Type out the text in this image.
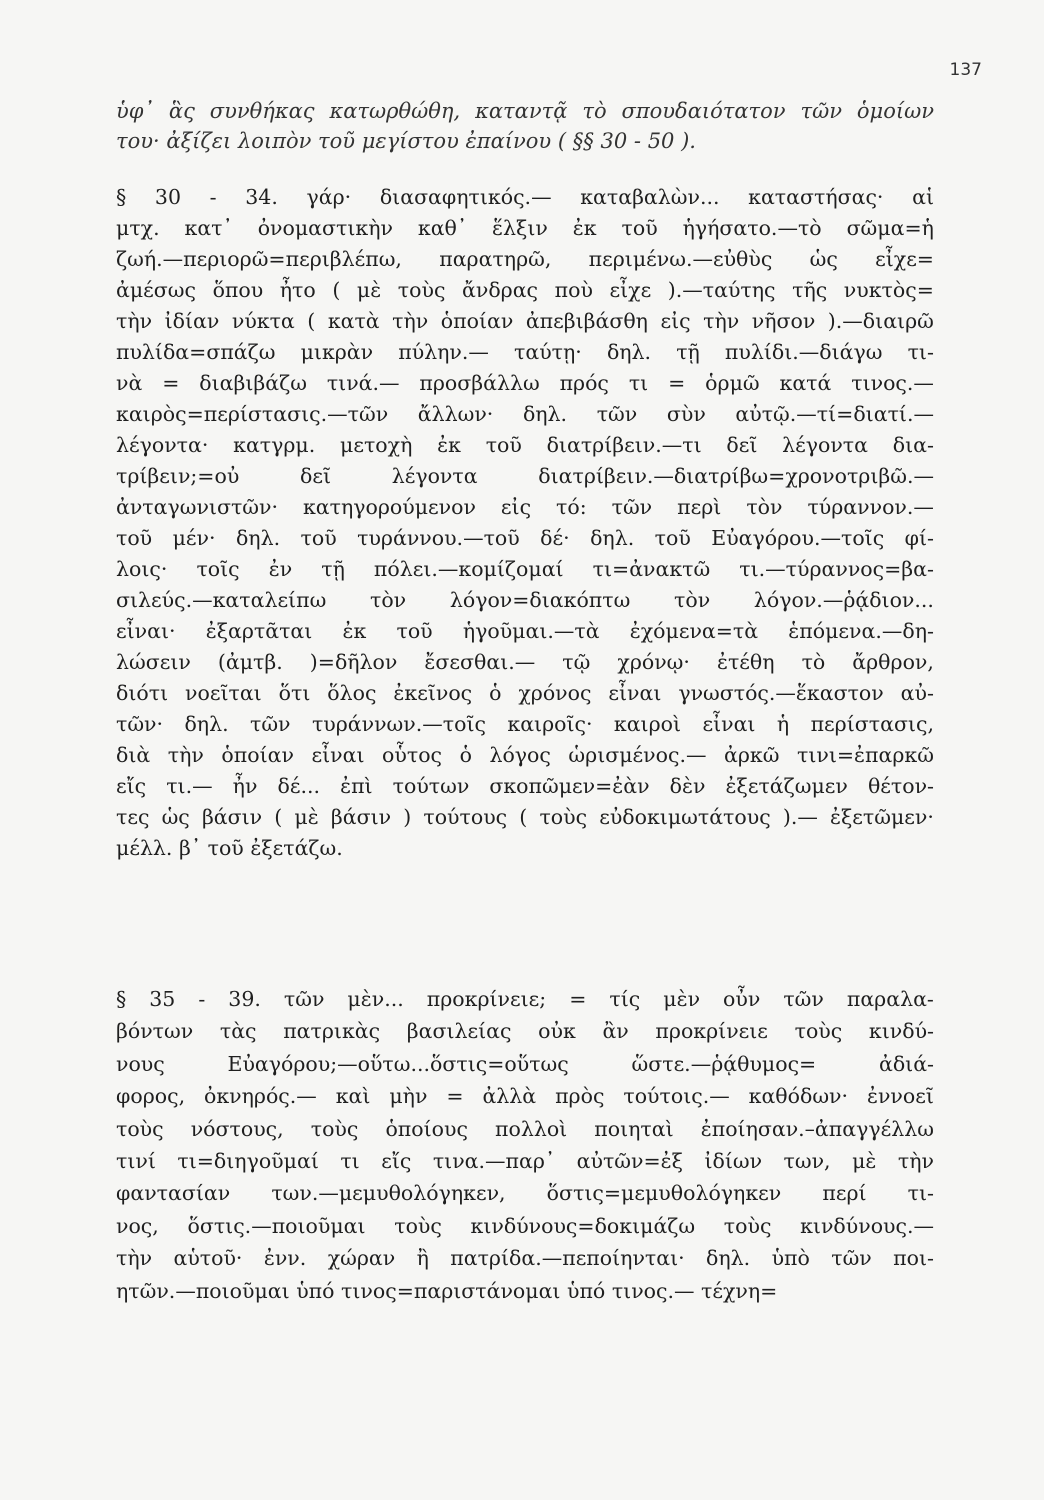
137
ὑφ᾽ ἃς συνθήκας κατωρθώθη, καταντᾷ τὸ σπουδαιότατον τῶν ὁμοίων
του·
ἀξίζει
λοιπὸν
τοῦ
μεγίστου
ἐπαίνου
(
§§
30
-
50
).
§ 30 - 34. γάρ· διασαφητικός.— καταβαλὼν... καταστήσας· αἱ
μτχ. κατ᾽ ὀνομαστικὴν καθ᾽ ἕλξιν ἐκ τοῦ ἡγήσατο.—τὸ σῶμα=ἡ
ζωή.—περιορῶ=περιβλέπω, παρατηρῶ, περιμένω.—εὐθὺς ὡς εἶχε=
ἀμέσως ὅπου ἦτο ( μὲ τοὺς ἄνδρας ποὺ εἶχε ).—ταύτης τῆς νυκτὸς=
τὴν ἰδίαν νύκτα ( κατὰ τὴν ὁποίαν ἀπεβιβάσθη εἰς τὴν νῆσον ).—διαιρῶ
πυλίδα=σπάζω μικρὰν πύλην.— ταύτῃ· δηλ. τῇ πυλίδι.—διάγω τι-
νὰ = διαβιβάζω τινά.— προσβάλλω πρός τι = ὁρμῶ κατά τινος.—
καιρὸς=περίστασις.—τῶν ἄλλων· δηλ. τῶν σὺν αὐτῷ.—τί=διατί.—
λέγοντα· κατγρμ. μετοχὴ ἐκ τοῦ διατρίβειν.—τι δεῖ λέγοντα δια-
τρίβειν;=οὐ	δεῖ	λέγοντα	διατρίβειν.—διατρίβω=χρονοτριβῶ.—
ἀνταγωνιστῶν· κατηγορούμενον εἰς τό: τῶν περὶ τὸν τύραννον.—
τοῦ μέν· δηλ. τοῦ τυράννου.—τοῦ δέ· δηλ. τοῦ Εὐαγόρου.—τοῖς φί-
λοις· τοῖς ἐν τῇ πόλει.—κομίζομαί τι=ἀνακτῶ τι.—τύραννος=βα-
σιλεύς.—καταλείπω τὸν λόγον=διακόπτω τὸν λόγον.—ῥᾴδιον...
εἶναι· ἐξαρτᾶται ἐκ τοῦ ἡγοῦμαι.—τὰ ἐχόμενα=τὰ ἑπόμενα.—δη-
λώσειν (ἀμτβ. )=δῆλον ἔσεσθαι.— τῷ χρόνῳ· ἐτέθη τὸ ἄρθρον,
διότι νοεῖται ὅτι ὅλος ἐκεῖνος ὁ χρόνος εἶναι γνωστός.—ἕκαστον αὐ-
τῶν· δηλ. τῶν τυράννων.—τοῖς καιροῖς· καιροὶ εἶναι ἡ περίστασις,
διὰ τὴν ὁποίαν εἶναι οὗτος ὁ λόγος ὡρισμένος.— ἀρκῶ τινι=ἐπαρκῶ
εἴς τι.— ἦν δέ... ἐπὶ τούτων σκοπῶμεν=ἐὰν δὲν ἐξετάζωμεν θέτον-
τες ὡς βάσιν ( μὲ βάσιν ) τούτους ( τοὺς εὐδοκιμωτάτους ).— ἐξετῶμεν·
μέλλ.
β᾽
τοῦ
ἐξετάζω.
§ 35 - 39. τῶν μὲν... προκρίνειε; = τίς μὲν οὖν τῶν παραλα-
βόντων τὰς πατρικὰς βασιλείας οὐκ ἂν προκρίνειε τοὺς κινδύ-
νους	Εὐαγόρου;—οὕτω...ὅστις=οὕτως	ὥστε.—ῥᾴθυμος=	ἀδιά-
φορος, ὀκνηρός.— καὶ μὴν = ἀλλὰ πρὸς τούτοις.— καθόδων· ἐννοεῖ
τοὺς νόστους, τοὺς ὁποίους πολλοὶ ποιηταὶ ἐποίησαν.–ἀπαγγέλλω
τινί τι=διηγοῦμαί τι εἴς τινα.—παρ᾽ αὐτῶν=ἐξ ἰδίων των, μὲ τὴν
φαντασίαν των.—μεμυθολόγηκεν, ὅστις=μεμυθολόγηκεν περί τι-
νος, ὅστις.—ποιοῦμαι τοὺς κινδύνους=δοκιμάζω τοὺς κινδύνους.—
τὴν αὑτοῦ· ἐνν. χώραν ἢ πατρίδα.—πεποίηνται· δηλ. ὑπὸ τῶν ποι-
ητῶν.—ποιοῦμαι
ὑπό
τινος=παριστάνομαι
ὑπό
τινος.—
τέχνη=
